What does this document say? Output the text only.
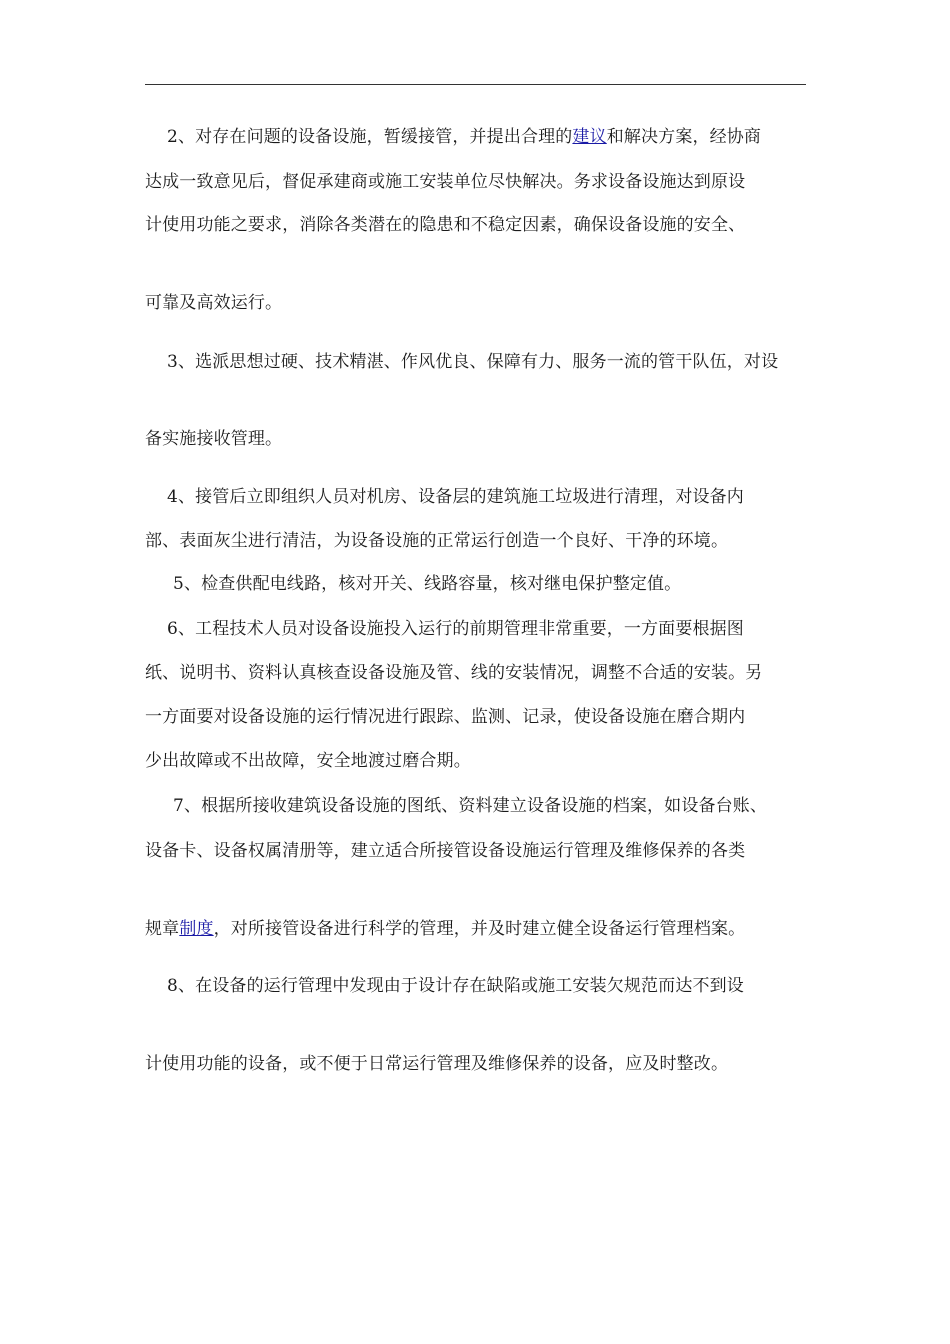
2、对存在问题的设备设施，暂缓接管，并提出合理的建议和解决方案，经协商
达成一致意见后，督促承建商或施工安装单位尽快解决。务求设备设施达到原设
计使用功能之要求，消除各类潜在的隐患和不稳定因素，确保设备设施的安全、
可靠及高效运行。
3、选派思想过硬、技术精湛、作风优良、保障有力、服务一流的管干队伍，对设
备实施接收管理。
4、接管后立即组织人员对机房、设备层的建筑施工垃圾进行清理，对设备内
部、表面灰尘进行清洁，为设备设施的正常运行创造一个良好、干净的环境。
5、检查供配电线路，核对开关、线路容量，核对继电保护整定值。
6、工程技术人员对设备设施投入运行的前期管理非常重要，一方面要根据图
纸、说明书、资料认真核查设备设施及管、线的安装情况，调整不合适的安装。另
一方面要对设备设施的运行情况进行跟踪、监测、记录，使设备设施在磨合期内
少出故障或不出故障，安全地渡过磨合期。
7、根据所接收建筑设备设施的图纸、资料建立设备设施的档案，如设备台账、
设备卡、设备权属清册等，建立适合所接管设备设施运行管理及维修保养的各类
规章制度，对所接管设备进行科学的管理，并及时建立健全设备运行管理档案。
8、在设备的运行管理中发现由于设计存在缺陷或施工安装欠规范而达不到设
计使用功能的设备，或不便于日常运行管理及维修保养的设备，应及时整改。
